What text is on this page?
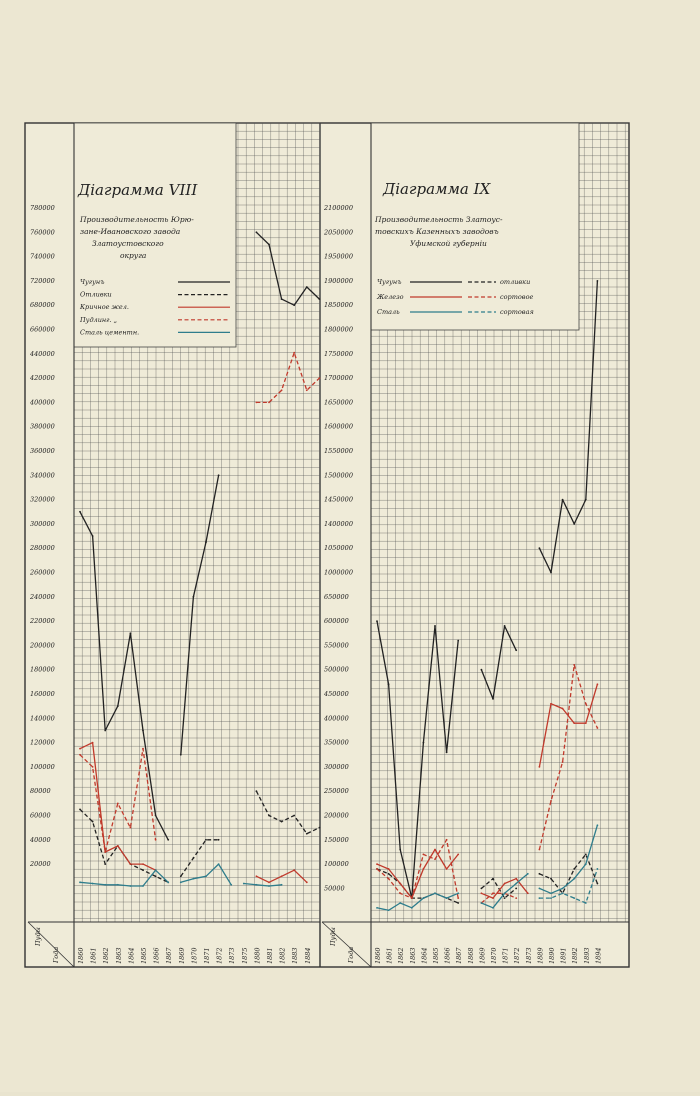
Діаграмма VIII
Производительность Юрю-
зане-Ивановского завода
Златоустовского
округа
Діаграмма IX
Производительность Златоус-
товскихъ Казенныхъ заводовъ
Уфимской губерніи
780000
760000
740000
720000
680000
660000
440000
420000
400000
380000
360000
340000
320000
300000
280000
260000
240000
220000
200000
180000
160000
140000
120000
100000
80000
60000
40000
20000
1860 1861 1862 1863 1864 1865 1866 1867 1869 1870 1871 1872 1873 1875 1880 1881 1882 1883 1884
Пуды
Года
Чугунъ
Отливки
Кричное жел.
Пудлинг. „
Сталь цементн.
2100000
2050000
1950000
1900000
1850000
1800000
1750000
1700000
1650000
1600000
1550000
1500000
1450000
1400000
1050000
1000000
650000
600000
550000
500000
450000
400000
350000
300000
250000
200000
150000
100000
50000
1860 1861 1862 1863 1864 1865 1866 1867 1868 1869 1870 1871 1872 1873 1889 1890 1891 1892 1893 1894
Пуды
Года
Чугунъ	отливки
Железо	сортовое
Сталь	сортовая
